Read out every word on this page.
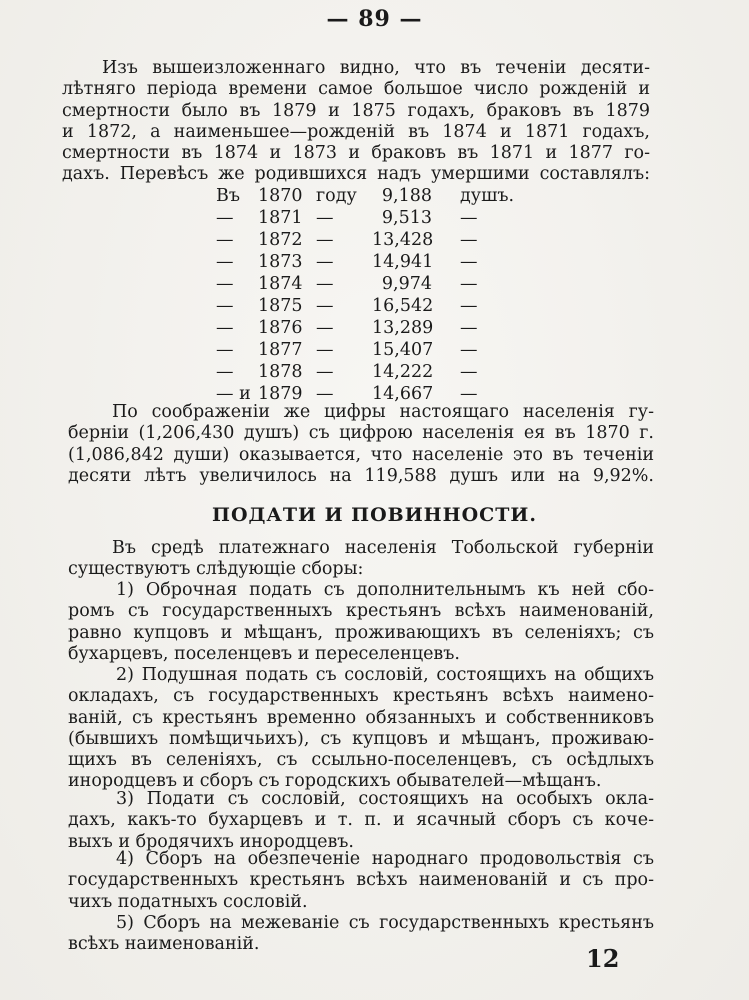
— 89 —
Изъ вышеизложеннаго видно, что въ теченіи десяти-
лѣтняго періода времени самое большое число рожденій и
смертности было въ 1879 и 1875 годахъ, браковъ въ 1879
и 1872, а наименьшее—рожденій въ 1874 и 1871 годахъ,
смертности въ 1874 и 1873 и браковъ въ 1871 и 1877 го-
дахъ. Перевѣсъ же родившихся надъ умершими составлялъ:
Въ	1870 году	9,188 душъ.
—	1871 —	9,513 —
—	1872 —	13,428 —
—	1873 —	14,941 —
—	1874 —	9,974 —
—	1875 —	16,542 —
—	1876 —	13,289 —
—	1877 —	15,407 —
—	1878 —	14,222 —
— и 1879 —	14,667 —
По соображеніи же цифры настоящаго населенія гу-
берніи (1,206,430 душъ) съ цифрою населенія ея въ 1870 г.
(1,086,842 души) оказывается, что населеніе это въ теченіи
десяти лѣтъ увеличилось на 119,588 душъ или на 9,92%.
ПОДАТИ И ПОВИННОСТИ.
Въ средѣ платежнаго населенія Тобольской губерніи
существуютъ слѣдующіе сборы:
1) Оброчная подать съ дополнительнымъ къ ней сбо-
ромъ съ государственныхъ крестьянъ всѣхъ наименованій,
равно купцовъ и мѣщанъ, проживающихъ въ селеніяхъ; съ
бухарцевъ, поселенцевъ и переселенцевъ.
2) Подушная подать съ сословій, состоящихъ на общихъ
окладахъ, съ государственныхъ крестьянъ всѣхъ наимено-
ваній, съ крестьянъ временно обязанныхъ и собственниковъ
(бывшихъ помѣщичьихъ), съ купцовъ и мѣщанъ, проживаю-
щихъ въ селеніяхъ, съ ссыльно-поселенцевъ, съ осѣдлыхъ
инородцевъ и сборъ съ городскихъ обывателей—мѣщанъ.
3) Подати съ сословій, состоящихъ на особыхъ окла-
дахъ, какъ-то бухарцевъ и т. п. и ясачный сборъ съ коче-
выхъ и бродячихъ инородцевъ.
4) Сборъ на обезпеченіе народнаго продовольствія съ
государственныхъ крестьянъ всѣхъ наименованій и съ про-
чихъ податныхъ сословій.
5) Сборъ на межеваніе съ государственныхъ крестьянъ
всѣхъ наименованій.	12
